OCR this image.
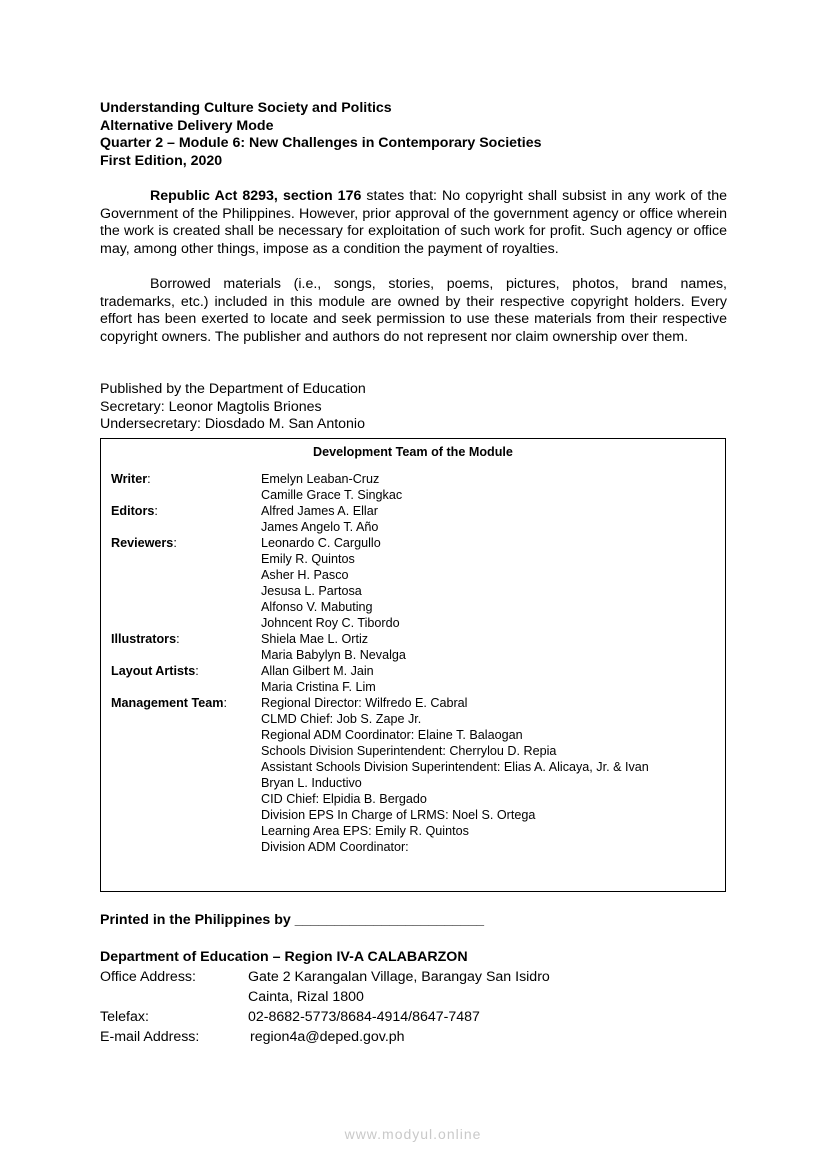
Understanding Culture Society and Politics
Alternative Delivery Mode
Quarter 2 – Module 6: New Challenges in Contemporary Societies
First Edition, 2020
Republic Act 8293, section 176 states that: No copyright shall subsist in any work of the Government of the Philippines. However, prior approval of the government agency or office wherein the work is created shall be necessary for exploitation of such work for profit. Such agency or office may, among other things, impose as a condition the payment of royalties.
Borrowed materials (i.e., songs, stories, poems, pictures, photos, brand names, trademarks, etc.) included in this module are owned by their respective copyright holders. Every effort has been exerted to locate and seek permission to use these materials from their respective copyright owners. The publisher and authors do not represent nor claim ownership over them.
Published by the Department of Education
Secretary: Leonor Magtolis Briones
Undersecretary: Diosdado M. San Antonio
Development Team of the Module
Writer:	Emelyn Leaban-Cruz
Camille Grace T. Singkac
Editors:	Alfred James A. Ellar
James Angelo T. Año
Reviewers:	Leonardo C. Cargullo
Emily R. Quintos
Asher H. Pasco
Jesusa L. Partosa
Alfonso V. Mabuting
Johncent Roy C. Tibordo
Illustrators:	Shiela Mae L. Ortiz
Maria Babylyn B. Nevalga
Layout Artists:	Allan Gilbert M. Jain
Maria Cristina F. Lim
Management Team:	Regional Director: Wilfredo E. Cabral
CLMD Chief: Job S. Zape Jr.
Regional ADM Coordinator: Elaine T. Balaogan
Schools Division Superintendent: Cherrylou D. Repia
Assistant Schools Division Superintendent: Elias A. Alicaya, Jr. & Ivan
Bryan L. Inductivo
CID Chief: Elpidia B. Bergado
Division EPS In Charge of LRMS: Noel S. Ortega
Learning Area EPS: Emily R. Quintos
Division ADM Coordinator:
Printed in the Philippines by ________________________
Department of Education – Region IV-A CALABARZON
Office Address:	Gate 2 Karangalan Village, Barangay San Isidro
Cainta, Rizal 1800
Telefax:	02-8682-5773/8684-4914/8647-7487
E-mail Address:	region4a@deped.gov.ph
www.modyul.online
